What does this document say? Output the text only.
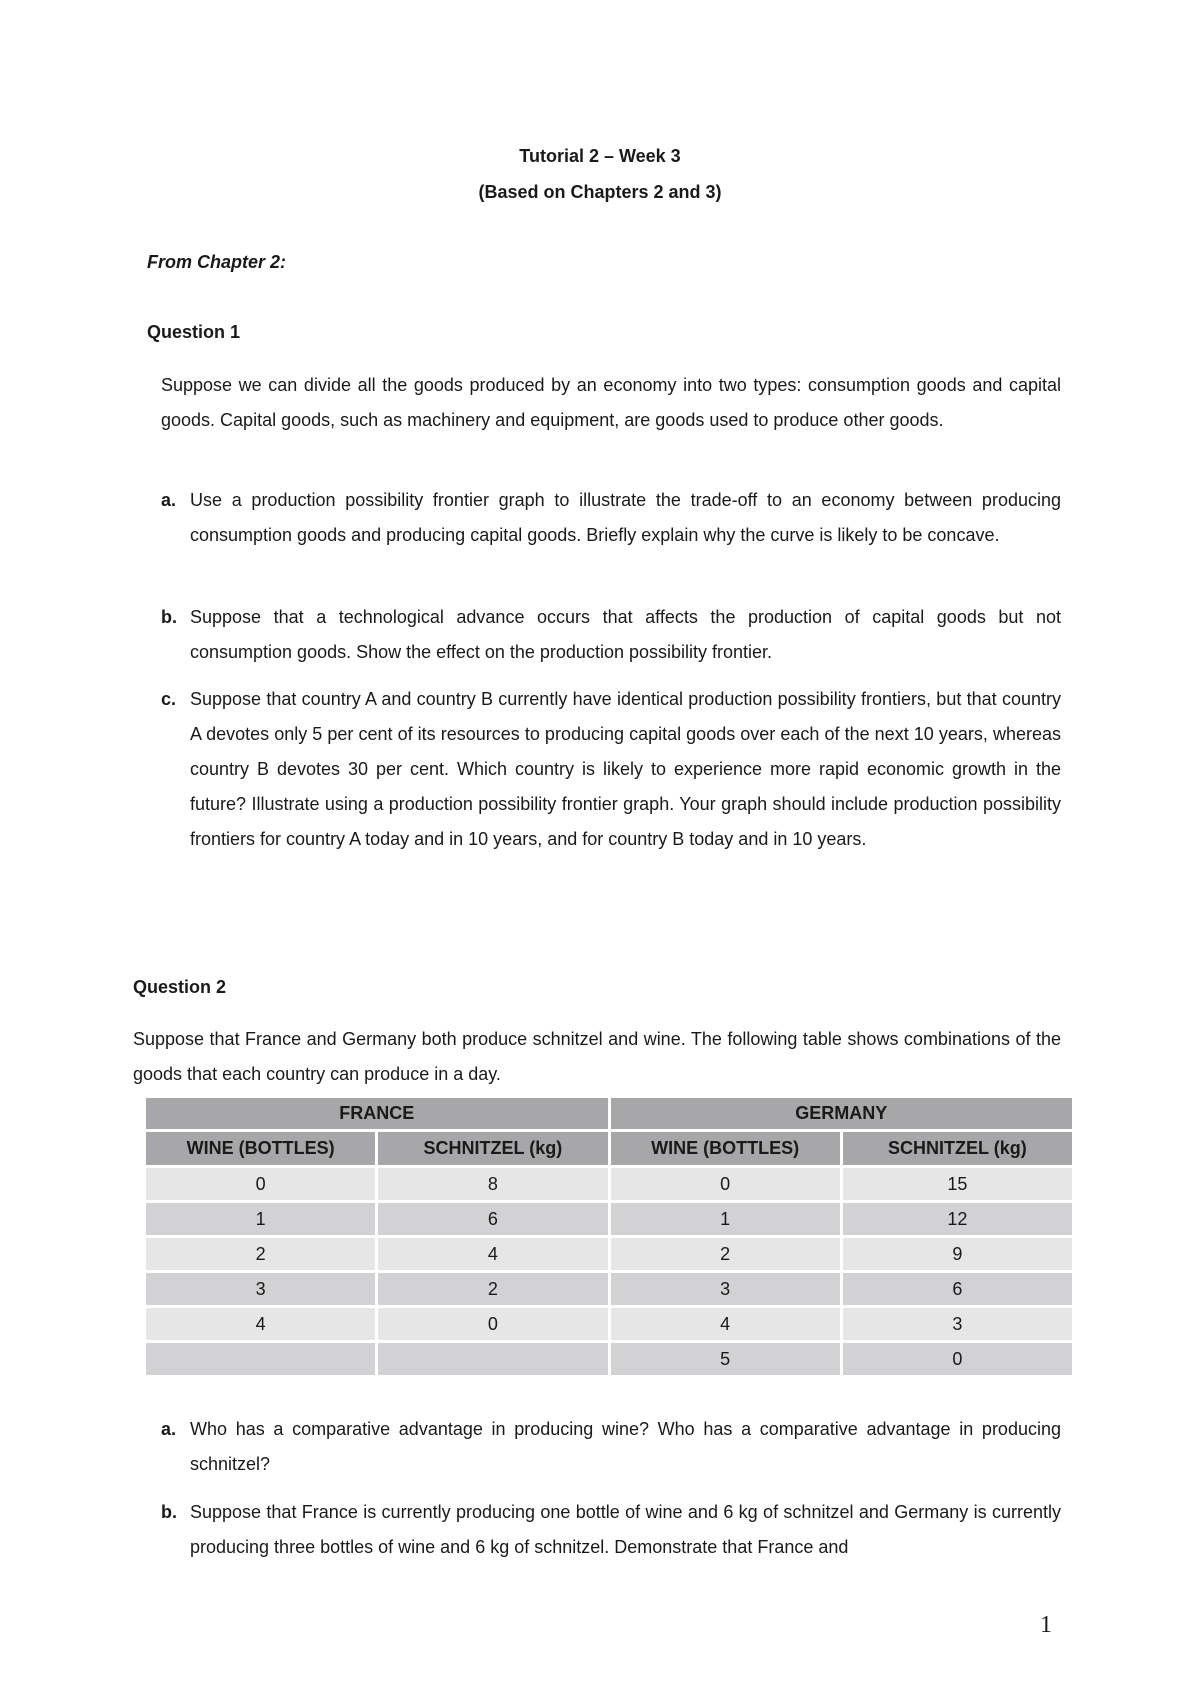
Tutorial 2 – Week 3
(Based on Chapters 2 and 3)
From Chapter 2:
Question 1

Suppose we can divide all the goods produced by an economy into two types: consumption goods and capital goods. Capital goods, such as machinery and equipment, are goods used to produce other goods.

a. Use a production possibility frontier graph to illustrate the trade-off to an economy between producing consumption goods and producing capital goods. Briefly explain why the curve is likely to be concave.
b. Suppose that a technological advance occurs that affects the production of capital goods but not consumption goods. Show the effect on the production possibility frontier.
c. Suppose that country A and country B currently have identical production possibility frontiers, but that country A devotes only 5 per cent of its resources to producing capital goods over each of the next 10 years, whereas country B devotes 30 per cent. Which country is likely to experience more rapid economic growth in the future? Illustrate using a production possibility frontier graph. Your graph should include production possibility frontiers for country A today and in 10 years, and for country B today and in 10 years.
Question 2

Suppose that France and Germany both produce schnitzel and wine. The following table shows combinations of the goods that each country can produce in a day.

FRANCE		GERMANY	
WINE (BOTTLES)	SCHNITZEL (kg)	WINE (BOTTLES)	SCHNITZEL (kg)
0	8	0	15
1	6	1	12
2	4	2	9
3	2	3	6
4	0	4	3
		5	0
a. Who has a comparative advantage in producing wine? Who has a comparative advantage in producing schnitzel?
b. Suppose that France is currently producing one bottle of wine and 6 kg of schnitzel and Germany is currently producing three bottles of wine and 6 kg of schnitzel. Demonstrate that France and
1
